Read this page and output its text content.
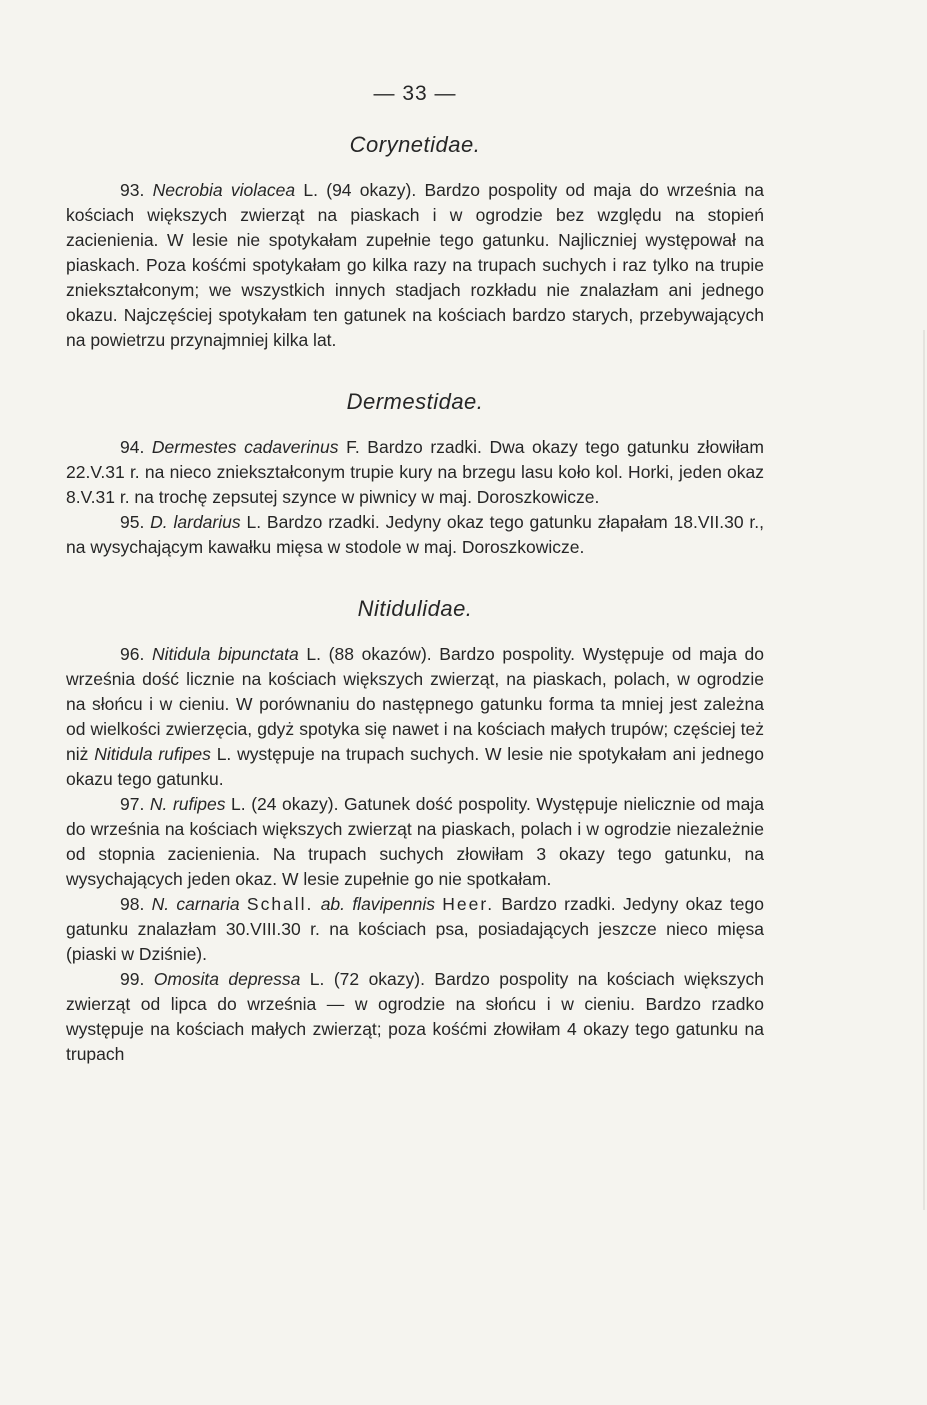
— 33 —
Corynetidae.

93. Necrobia violacea L. (94 okazy). Bardzo pospolity od maja do września na kościach większych zwierząt na piaskach i w ogrodzie bez względu na stopień zacienienia. W lesie nie spotykałam zupełnie tego gatunku. Najliczniej występował na piaskach. Poza kośćmi spotykałam go kilka razy na trupach suchych i raz tylko na trupie zniekształconym; we wszystkich innych stadjach rozkładu nie znalazłam ani jednego okazu. Najczęściej spotykałam ten gatunek na kościach bardzo starych, przebywających na powietrzu przynajmniej kilka lat.

Dermestidae.

94. Dermestes cadaverinus F. Bardzo rzadki. Dwa okazy tego gatunku złowiłam 22.V.31 r. na nieco zniekształconym trupie kury na brzegu lasu koło kol. Horki, jeden okaz 8.V.31 r. na trochę zepsutej szynce w piwnicy w maj. Doroszkowicze.

95. D. lardarius L. Bardzo rzadki. Jedyny okaz tego gatunku złapałam 18.VII.30 r., na wysychającym kawałku mięsa w stodole w maj. Doroszkowicze.

Nitidulidae.

96. Nitidula bipunctata L. (88 okazów). Bardzo pospolity. Występuje od maja do września dość licznie na kościach większych zwierząt, na piaskach, polach, w ogrodzie na słońcu i w cieniu. W porównaniu do następnego gatunku forma ta mniej jest zależna od wielkości zwierzęcia, gdyż spotyka się nawet i na kościach małych trupów; częściej też niż Nitidula rufipes L. występuje na trupach suchych. W lesie nie spotykałam ani jednego okazu tego gatunku.

97. N. rufipes L. (24 okazy). Gatunek dość pospolity. Występuje nielicznie od maja do września na kościach większych zwierząt na piaskach, polach i w ogrodzie niezależnie od stopnia zacienienia. Na trupach suchych złowiłam 3 okazy tego gatunku, na wysychających jeden okaz. W lesie zupełnie go nie spotkałam.

98. N. carnaria Schall. ab. flavipennis Heer. Bardzo rzadki. Jedyny okaz tego gatunku znalazłam 30.VIII.30 r. na kościach psa, posiadających jeszcze nieco mięsa (piaski w Dziśnie).

99. Omosita depressa L. (72 okazy). Bardzo pospolity na kościach większych zwierząt od lipca do września — w ogrodzie na słońcu i w cieniu. Bardzo rzadko występuje na kościach małych zwierząt; poza kośćmi złowiłam 4 okazy tego gatunku na trupach
